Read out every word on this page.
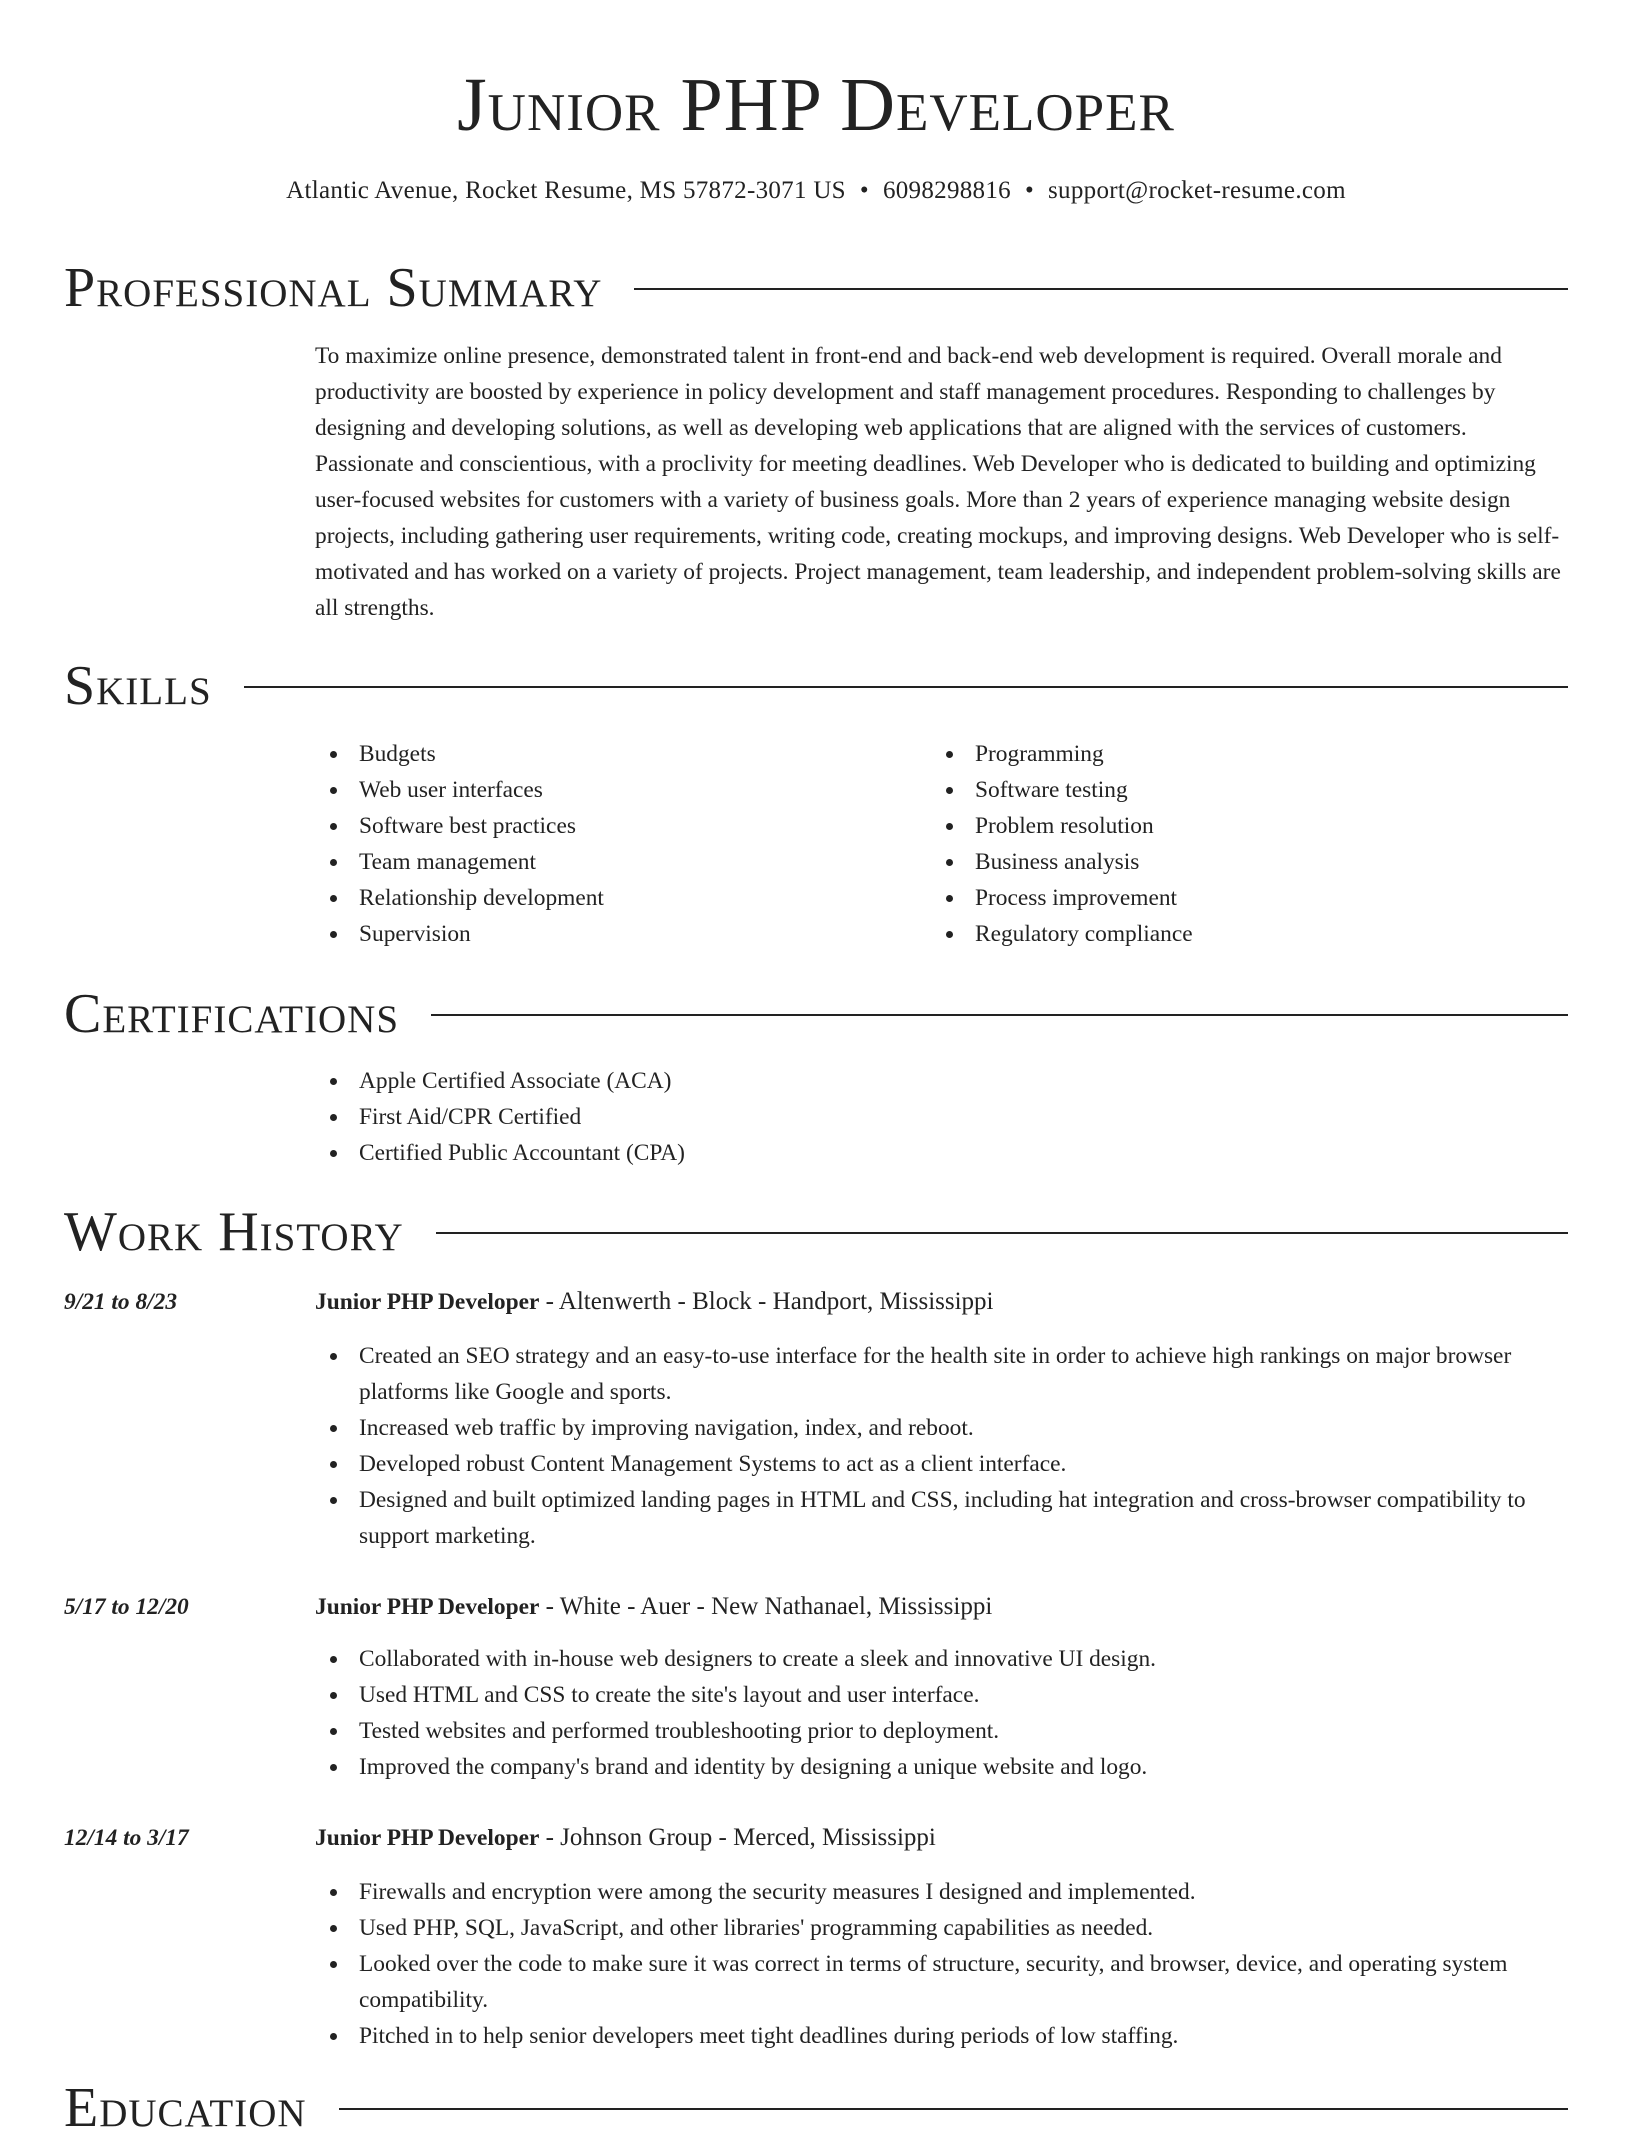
Junior PHP Developer
Atlantic Avenue, Rocket Resume, MS 57872-3071 US • 6098298816 • support@rocket-resume.com
Professional Summary

To maximize online presence, demonstrated talent in front-end and back-end web development is required. Overall morale and productivity are boosted by experience in policy development and staff management procedures. Responding to challenges by designing and developing solutions, as well as developing web applications that are aligned with the services of customers. Passionate and conscientious, with a proclivity for meeting deadlines. Web Developer who is dedicated to building and optimizing user-focused websites for customers with a variety of business goals. More than 2 years of experience managing website design projects, including gathering user requirements, writing code, creating mockups, and improving designs. Web Developer who is self-motivated and has worked on a variety of projects. Project management, team leadership, and independent problem-solving skills are all strengths.

Skills
Budgets
Web user interfaces
Software best practices
Team management
Relationship development
Supervision
Programming
Software testing
Problem resolution
Business analysis
Process improvement
Regulatory compliance
Certifications
Apple Certified Associate (ACA)
First Aid/CPR Certified
Certified Public Accountant (CPA)
Work History
9/21 to 8/23	Junior PHP Developer - Altenwerth - Block - Handport, Mississippi
Created an SEO strategy and an easy-to-use interface for the health site in order to achieve high rankings on major browser platforms like Google and sports.
Increased web traffic by improving navigation, index, and reboot.
Developed robust Content Management Systems to act as a client interface.
Designed and built optimized landing pages in HTML and CSS, including hat integration and cross-browser compatibility to support marketing.
5/17 to 12/20	Junior PHP Developer - White - Auer - New Nathanael, Mississippi
Collaborated with in-house web designers to create a sleek and innovative UI design.
Used HTML and CSS to create the site's layout and user interface.
Tested websites and performed troubleshooting prior to deployment.
Improved the company's brand and identity by designing a unique website and logo.
12/14 to 3/17	Junior PHP Developer - Johnson Group - Merced, Mississippi
Firewalls and encryption were among the security measures I designed and implemented.
Used PHP, SQL, JavaScript, and other libraries' programming capabilities as needed.
Looked over the code to make sure it was correct in terms of structure, security, and browser, device, and operating system compatibility.
Pitched in to help senior developers meet tight deadlines during periods of low staffing.
Education
